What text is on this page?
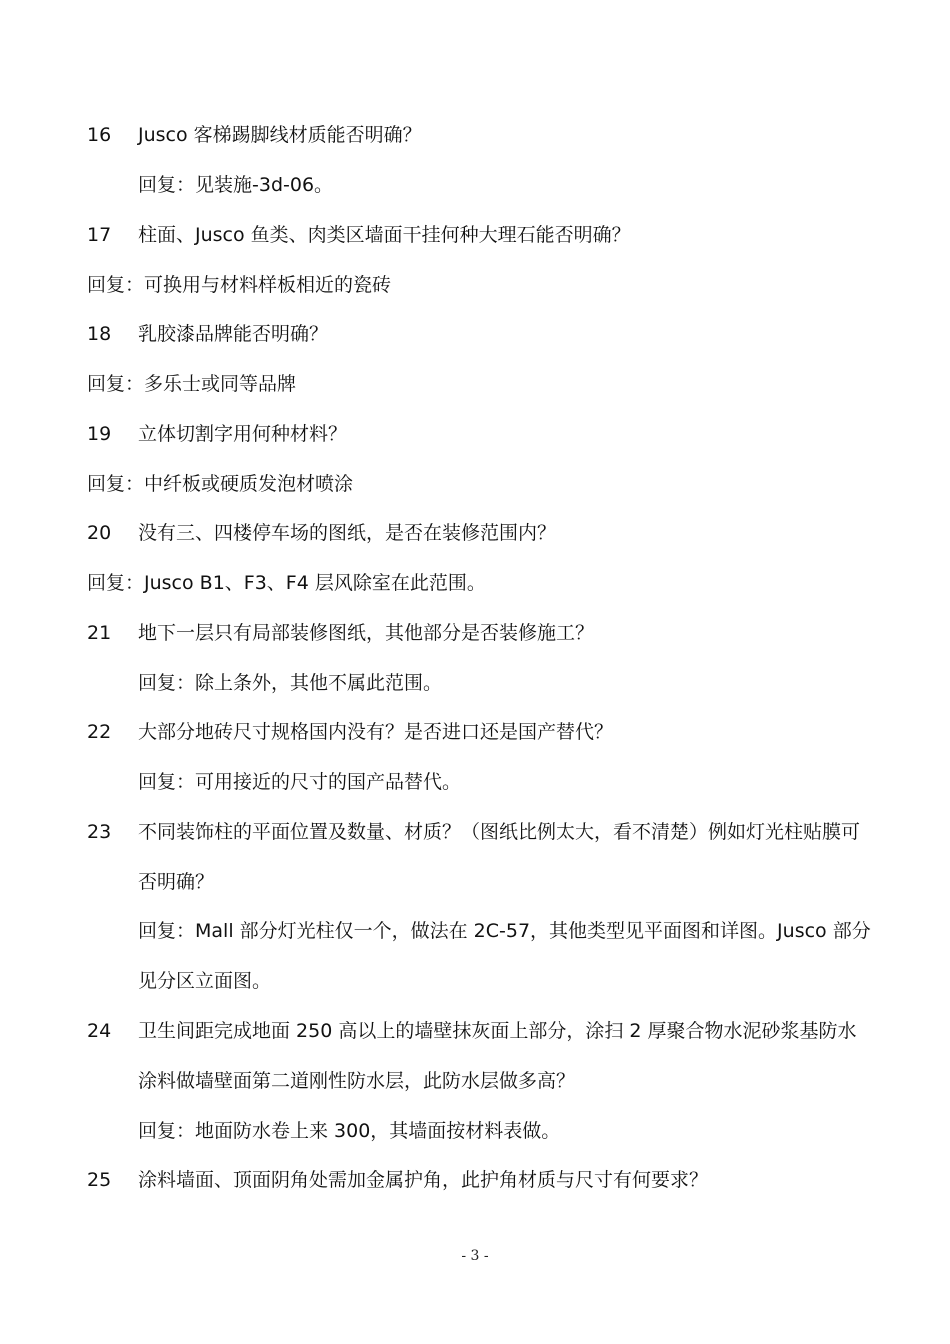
16 Jusco 客梯踢脚线材质能否明确？
回复：见装施-3d-06。
17 柱面、Jusco 鱼类、肉类区墙面干挂何种大理石能否明确？
回复：可换用与材料样板相近的瓷砖
18 乳胶漆品牌能否明确？
回复：多乐士或同等品牌
19 立体切割字用何种材料？
回复：中纤板或硬质发泡材喷涂
20 没有三、四楼停车场的图纸，是否在装修范围内？
回复：Jusco B1、F3、F4 层风除室在此范围。
21 地下一层只有局部装修图纸，其他部分是否装修施工？
回复：除上条外，其他不属此范围。
22 大部分地砖尺寸规格国内没有？是否进口还是国产替代？
回复：可用接近的尺寸的国产品替代。
23 不同装饰柱的平面位置及数量、材质？（图纸比例太大，看不清楚）例如灯光柱贴膜可
否明确？
回复：Mall 部分灯光柱仅一个，做法在 2C-57，其他类型见平面图和详图。Jusco 部分
见分区立面图。
24 卫生间距完成地面 250 高以上的墙壁抹灰面上部分，涂扫 2 厚聚合物水泥砂浆基防水
涂料做墙壁面第二道刚性防水层，此防水层做多高？
回复：地面防水卷上来 300，其墙面按材料表做。
25 涂料墙面、顶面阴角处需加金属护角，此护角材质与尺寸有何要求？
- 3 -
